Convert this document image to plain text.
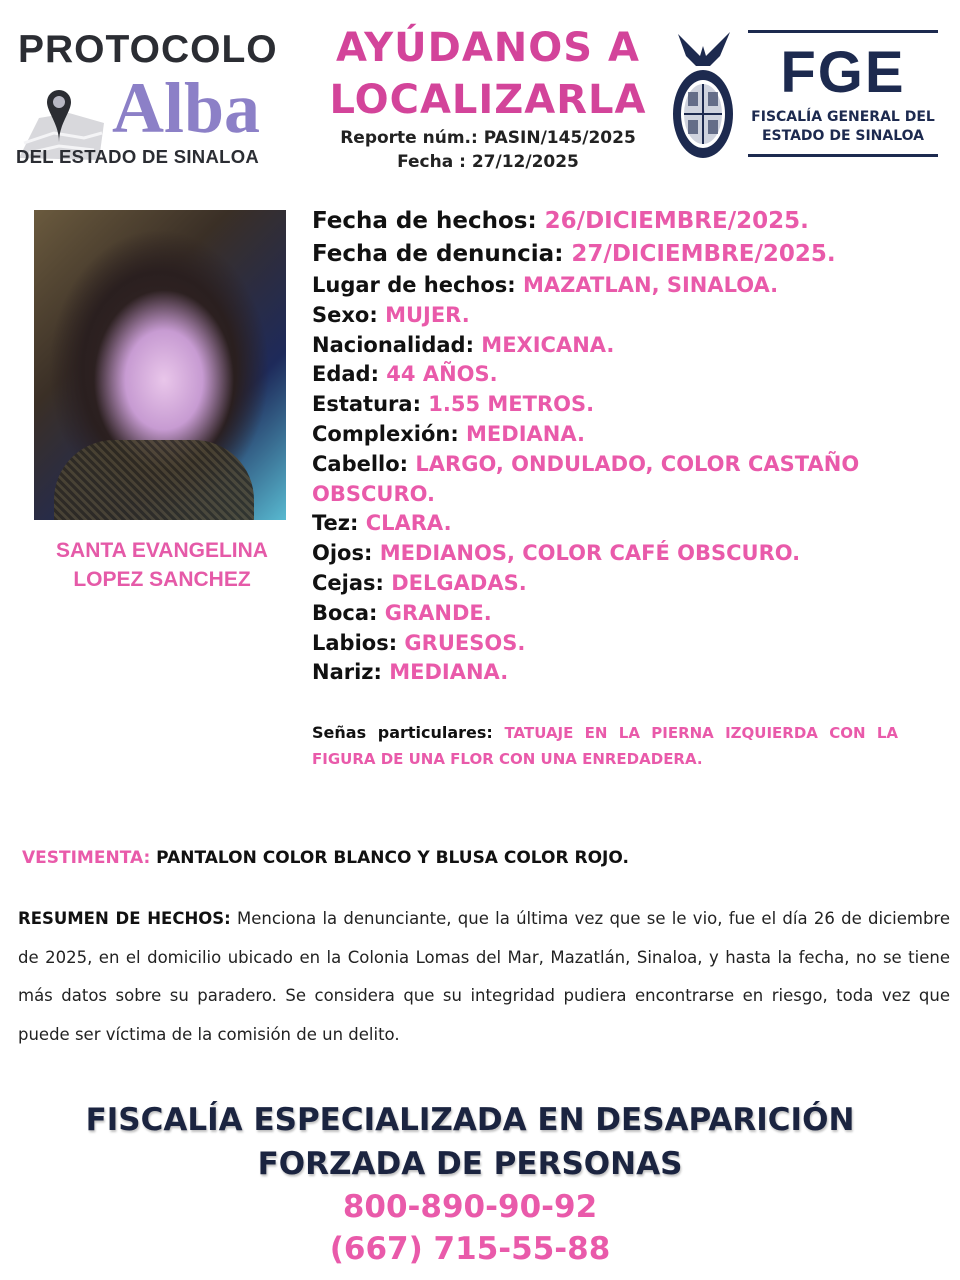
PROTOCOLO
Alba
DEL ESTADO DE SINALOA
AYÚDANOS A
LOCALIZARLA
Reporte núm.: PASIN/145/2025
Fecha : 27/12/2025
FGE
FISCALÍA GENERAL DEL
ESTADO DE SINALOA
SANTA EVANGELINA
LOPEZ SANCHEZ
Fecha de hechos: 26/DICIEMBRE/2025.
Fecha de denuncia: 27/DICIEMBRE/2025.
Lugar de hechos: MAZATLAN, SINALOA.
Sexo: MUJER.
Nacionalidad: MEXICANA.
Edad: 44 AÑOS.
Estatura: 1.55 METROS.
Complexión: MEDIANA.
Cabello: LARGO, ONDULADO, COLOR CASTAÑO OBSCURO.
Tez: CLARA.
Ojos: MEDIANOS, COLOR CAFÉ OBSCURO.
Cejas: DELGADAS.
Boca: GRANDE.
Labios: GRUESOS.
Nariz: MEDIANA.
Señas particulares: TATUAJE EN LA PIERNA IZQUIERDA CON LA FIGURA DE UNA FLOR CON UNA ENREDADERA.
VESTIMENTA: PANTALON COLOR BLANCO Y BLUSA COLOR ROJO.
RESUMEN DE HECHOS: Menciona la denunciante, que la última vez que se le vio, fue el día 26 de diciembre de 2025, en el domicilio ubicado en la Colonia Lomas del Mar, Mazatlán, Sinaloa, y hasta la fecha, no se tiene más datos sobre su paradero. Se considera que su integridad pudiera encontrarse en riesgo, toda vez que puede ser víctima de la comisión de un delito.
FISCALÍA ESPECIALIZADA EN DESAPARICIÓN
FORZADA DE PERSONAS
800-890-90-92
(667) 715-55-88
